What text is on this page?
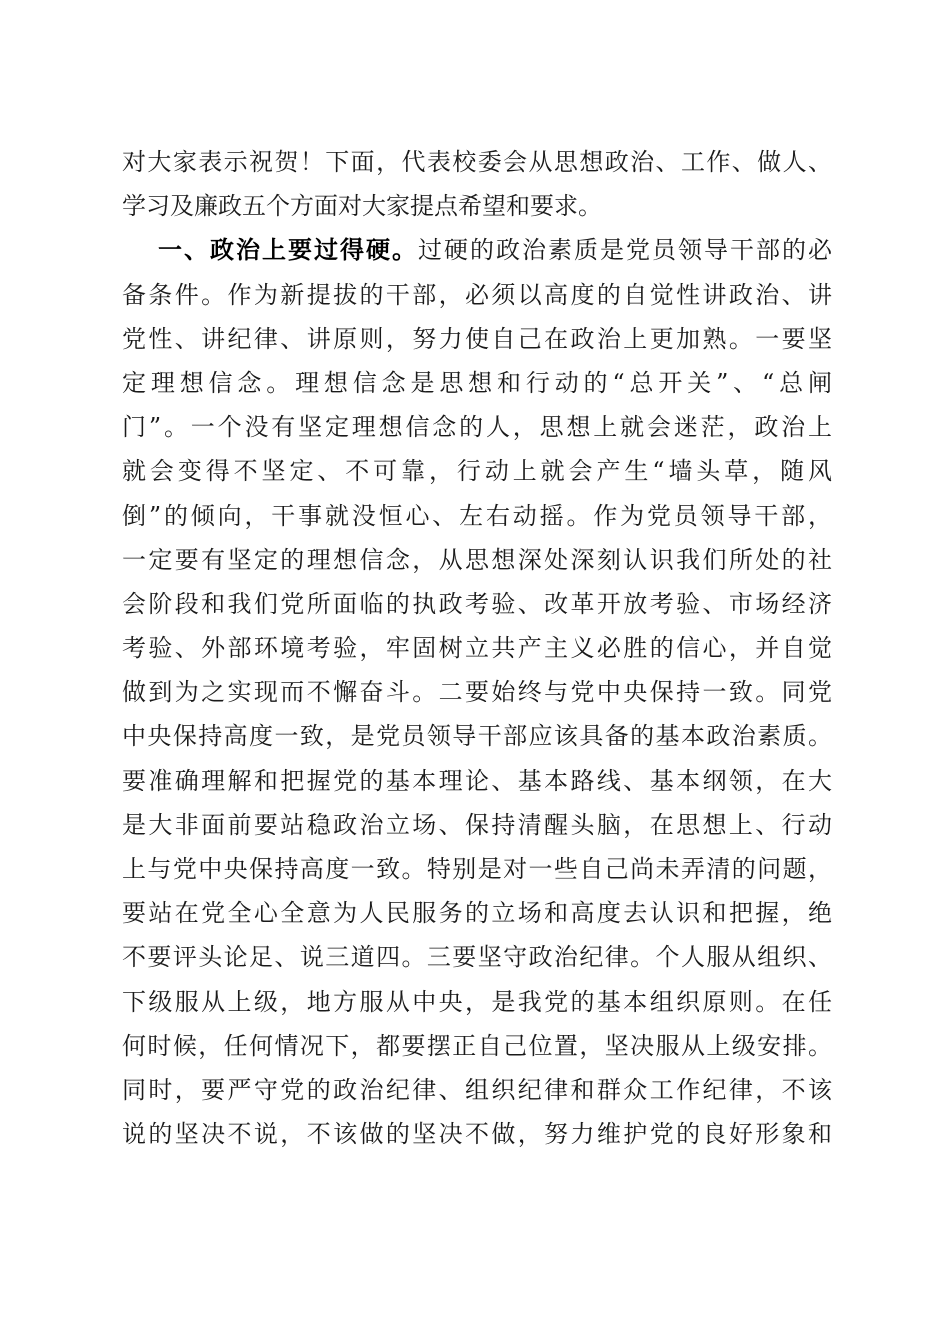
对大家表示祝贺！下面，代表校委会从思想政治、工作、做人、
学习及廉政五个方面对大家提点希望和要求。
一、政治上要过得硬。过硬的政治素质是党员领导干部的必
备条件。作为新提拔的干部，必须以高度的自觉性讲政治、讲
党性、讲纪律、讲原则，努力使自己在政治上更加熟。一要坚
定理想信念。理想信念是思想和行动的“总开关”、“总闸
门”。一个没有坚定理想信念的人，思想上就会迷茫，政治上
就会变得不坚定、不可靠，行动上就会产生“墙头草，随风
倒”的倾向，干事就没恒心、左右动摇。作为党员领导干部，
一定要有坚定的理想信念，从思想深处深刻认识我们所处的社
会阶段和我们党所面临的执政考验、改革开放考验、市场经济
考验、外部环境考验，牢固树立共产主义必胜的信心，并自觉
做到为之实现而不懈奋斗。二要始终与党中央保持一致。同党
中央保持高度一致，是党员领导干部应该具备的基本政治素质。
要准确理解和把握党的基本理论、基本路线、基本纲领，在大
是大非面前要站稳政治立场、保持清醒头脑，在思想上、行动
上与党中央保持高度一致。特别是对一些自己尚未弄清的问题，
要站在党全心全意为人民服务的立场和高度去认识和把握，绝
不要评头论足、说三道四。三要坚守政治纪律。个人服从组织、
下级服从上级，地方服从中央，是我党的基本组织原则。在任
何时候，任何情况下，都要摆正自己位置，坚决服从上级安排。
同时，要严守党的政治纪律、组织纪律和群众工作纪律，不该
说的坚决不说，不该做的坚决不做，努力维护党的良好形象和
